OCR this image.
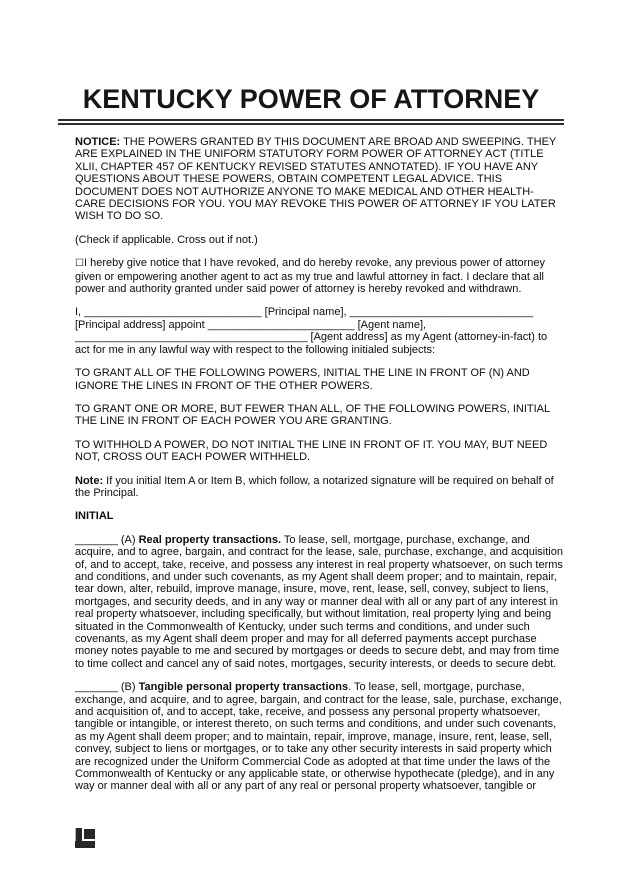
KENTUCKY POWER OF ATTORNEY

NOTICE: THE POWERS GRANTED BY THIS DOCUMENT ARE BROAD AND SWEEPING. THEY ARE EXPLAINED IN THE UNIFORM STATUTORY FORM POWER OF ATTORNEY ACT (TITLE XLII, CHAPTER 457 OF KENTUCKY REVISED STATUTES ANNOTATED). IF YOU HAVE ANY QUESTIONS ABOUT THESE POWERS, OBTAIN COMPETENT LEGAL ADVICE. THIS DOCUMENT DOES NOT AUTHORIZE ANYONE TO MAKE MEDICAL AND OTHER HEALTH-CARE DECISIONS FOR YOU. YOU MAY REVOKE THIS POWER OF ATTORNEY IF YOU LATER WISH TO DO SO.

(Check if applicable. Cross out if not.)

☐I hereby give notice that I have revoked, and do hereby revoke, any previous power of attorney given or empowering another agent to act as my true and lawful attorney in fact. I declare that all power and authority granted under said power of attorney is hereby revoked and withdrawn.

I, _____________________________ [Principal name], ______________________________
[Principal address] appoint ________________________ [Agent name],
______________________________________ [Agent address] as my Agent (attorney-in-fact) to
act for me in any lawful way with respect to the following initialed subjects:

TO GRANT ALL OF THE FOLLOWING POWERS, INITIAL THE LINE IN FRONT OF (N) AND IGNORE THE LINES IN FRONT OF THE OTHER POWERS.

TO GRANT ONE OR MORE, BUT FEWER THAN ALL, OF THE FOLLOWING POWERS, INITIAL THE LINE IN FRONT OF EACH POWER YOU ARE GRANTING.

TO WITHHOLD A POWER, DO NOT INITIAL THE LINE IN FRONT OF IT. YOU MAY, BUT NEED NOT, CROSS OUT EACH POWER WITHHELD.

Note: If you initial Item A or Item B, which follow, a notarized signature will be required on behalf of the Principal.

INITIAL

_______ (A) Real property transactions. To lease, sell, mortgage, purchase, exchange, and acquire, and to agree, bargain, and contract for the lease, sale, purchase, exchange, and acquisition of, and to accept, take, receive, and possess any interest in real property whatsoever, on such terms and conditions, and under such covenants, as my Agent shall deem proper; and to maintain, repair, tear down, alter, rebuild, improve manage, insure, move, rent, lease, sell, convey, subject to liens, mortgages, and security deeds, and in any way or manner deal with all or any part of any interest in real property whatsoever, including specifically, but without limitation, real property lying and being situated in the Commonwealth of Kentucky, under such terms and conditions, and under such covenants, as my Agent shall deem proper and may for all deferred payments accept purchase money notes payable to me and secured by mortgages or deeds to secure debt, and may from time to time collect and cancel any of said notes, mortgages, security interests, or deeds to secure debt.

_______ (B) Tangible personal property transactions. To lease, sell, mortgage, purchase, exchange, and acquire, and to agree, bargain, and contract for the lease, sale, purchase, exchange, and acquisition of, and to accept, take, receive, and possess any personal property whatsoever, tangible or intangible, or interest thereto, on such terms and conditions, and under such covenants, as my Agent shall deem proper; and to maintain, repair, improve, manage, insure, rent, lease, sell, convey, subject to liens or mortgages, or to take any other security interests in said property which are recognized under the Uniform Commercial Code as adopted at that time under the laws of the Commonwealth of Kentucky or any applicable state, or otherwise hypothecate (pledge), and in any way or manner deal with all or any part of any real or personal property whatsoever, tangible or
